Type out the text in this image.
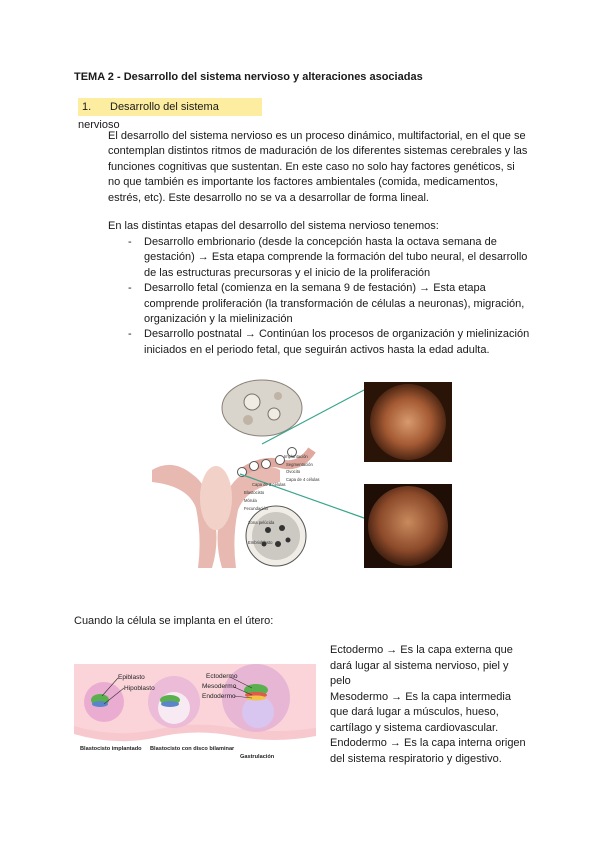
TEMA 2 - Desarrollo del sistema nervioso y alteraciones asociadas
1. Desarrollo del sistema nervioso
El desarrollo del sistema nervioso es un proceso dinámico, multifactorial, en el que se contemplan distintos ritmos de maduración de los diferentes sistemas cerebrales y las funciones cognitivas que sustentan. En este caso no solo hay factores genéticos, si no que también es importante los factores ambientales (comida, medicamentos, estrés, etc). Este desarrollo no se va a desarrollar de forma lineal.
En las distintas etapas del desarrollo del sistema nervioso tenemos:
- Desarrollo embrionario (desde la concepción hasta la octava semana de gestación) → Esta etapa comprende la formación del tubo neural, el desarrollo de las estructuras precursoras y el inicio de la proliferación
- Desarrollo fetal (comienza en la semana 9 de festación) → Esta etapa comprende proliferación (la transformación de células a neuronas), migración, organización y la mielinización
- Desarrollo postnatal → Continúan los procesos de organización y mielinización iniciados en el periodo fetal, que seguirán activos hasta la edad adulta.
Implantación
Segmentación
Ovocito
Capa de 4 células
Capa de 2 células
Blastocisto
Mórula
Fecundación
Zona pelúcida
Embrioblasto
Cuando la célula se implanta en el útero:
Epiblasto
Hipoblasto
Ectodermo
Mesodermo
Endodermo
Blastocisto implantado Blastocisto con disco bilaminar
Gastrulación
Ectodermo → Es la capa externa que dará lugar al sistema nervioso, piel y pelo
Mesodermo → Es la capa intermedia que dará lugar a músculos, hueso, cartílago y sistema cardiovascular.
Endodermo → Es la capa interna origen del sistema respiratorio y digestivo.
